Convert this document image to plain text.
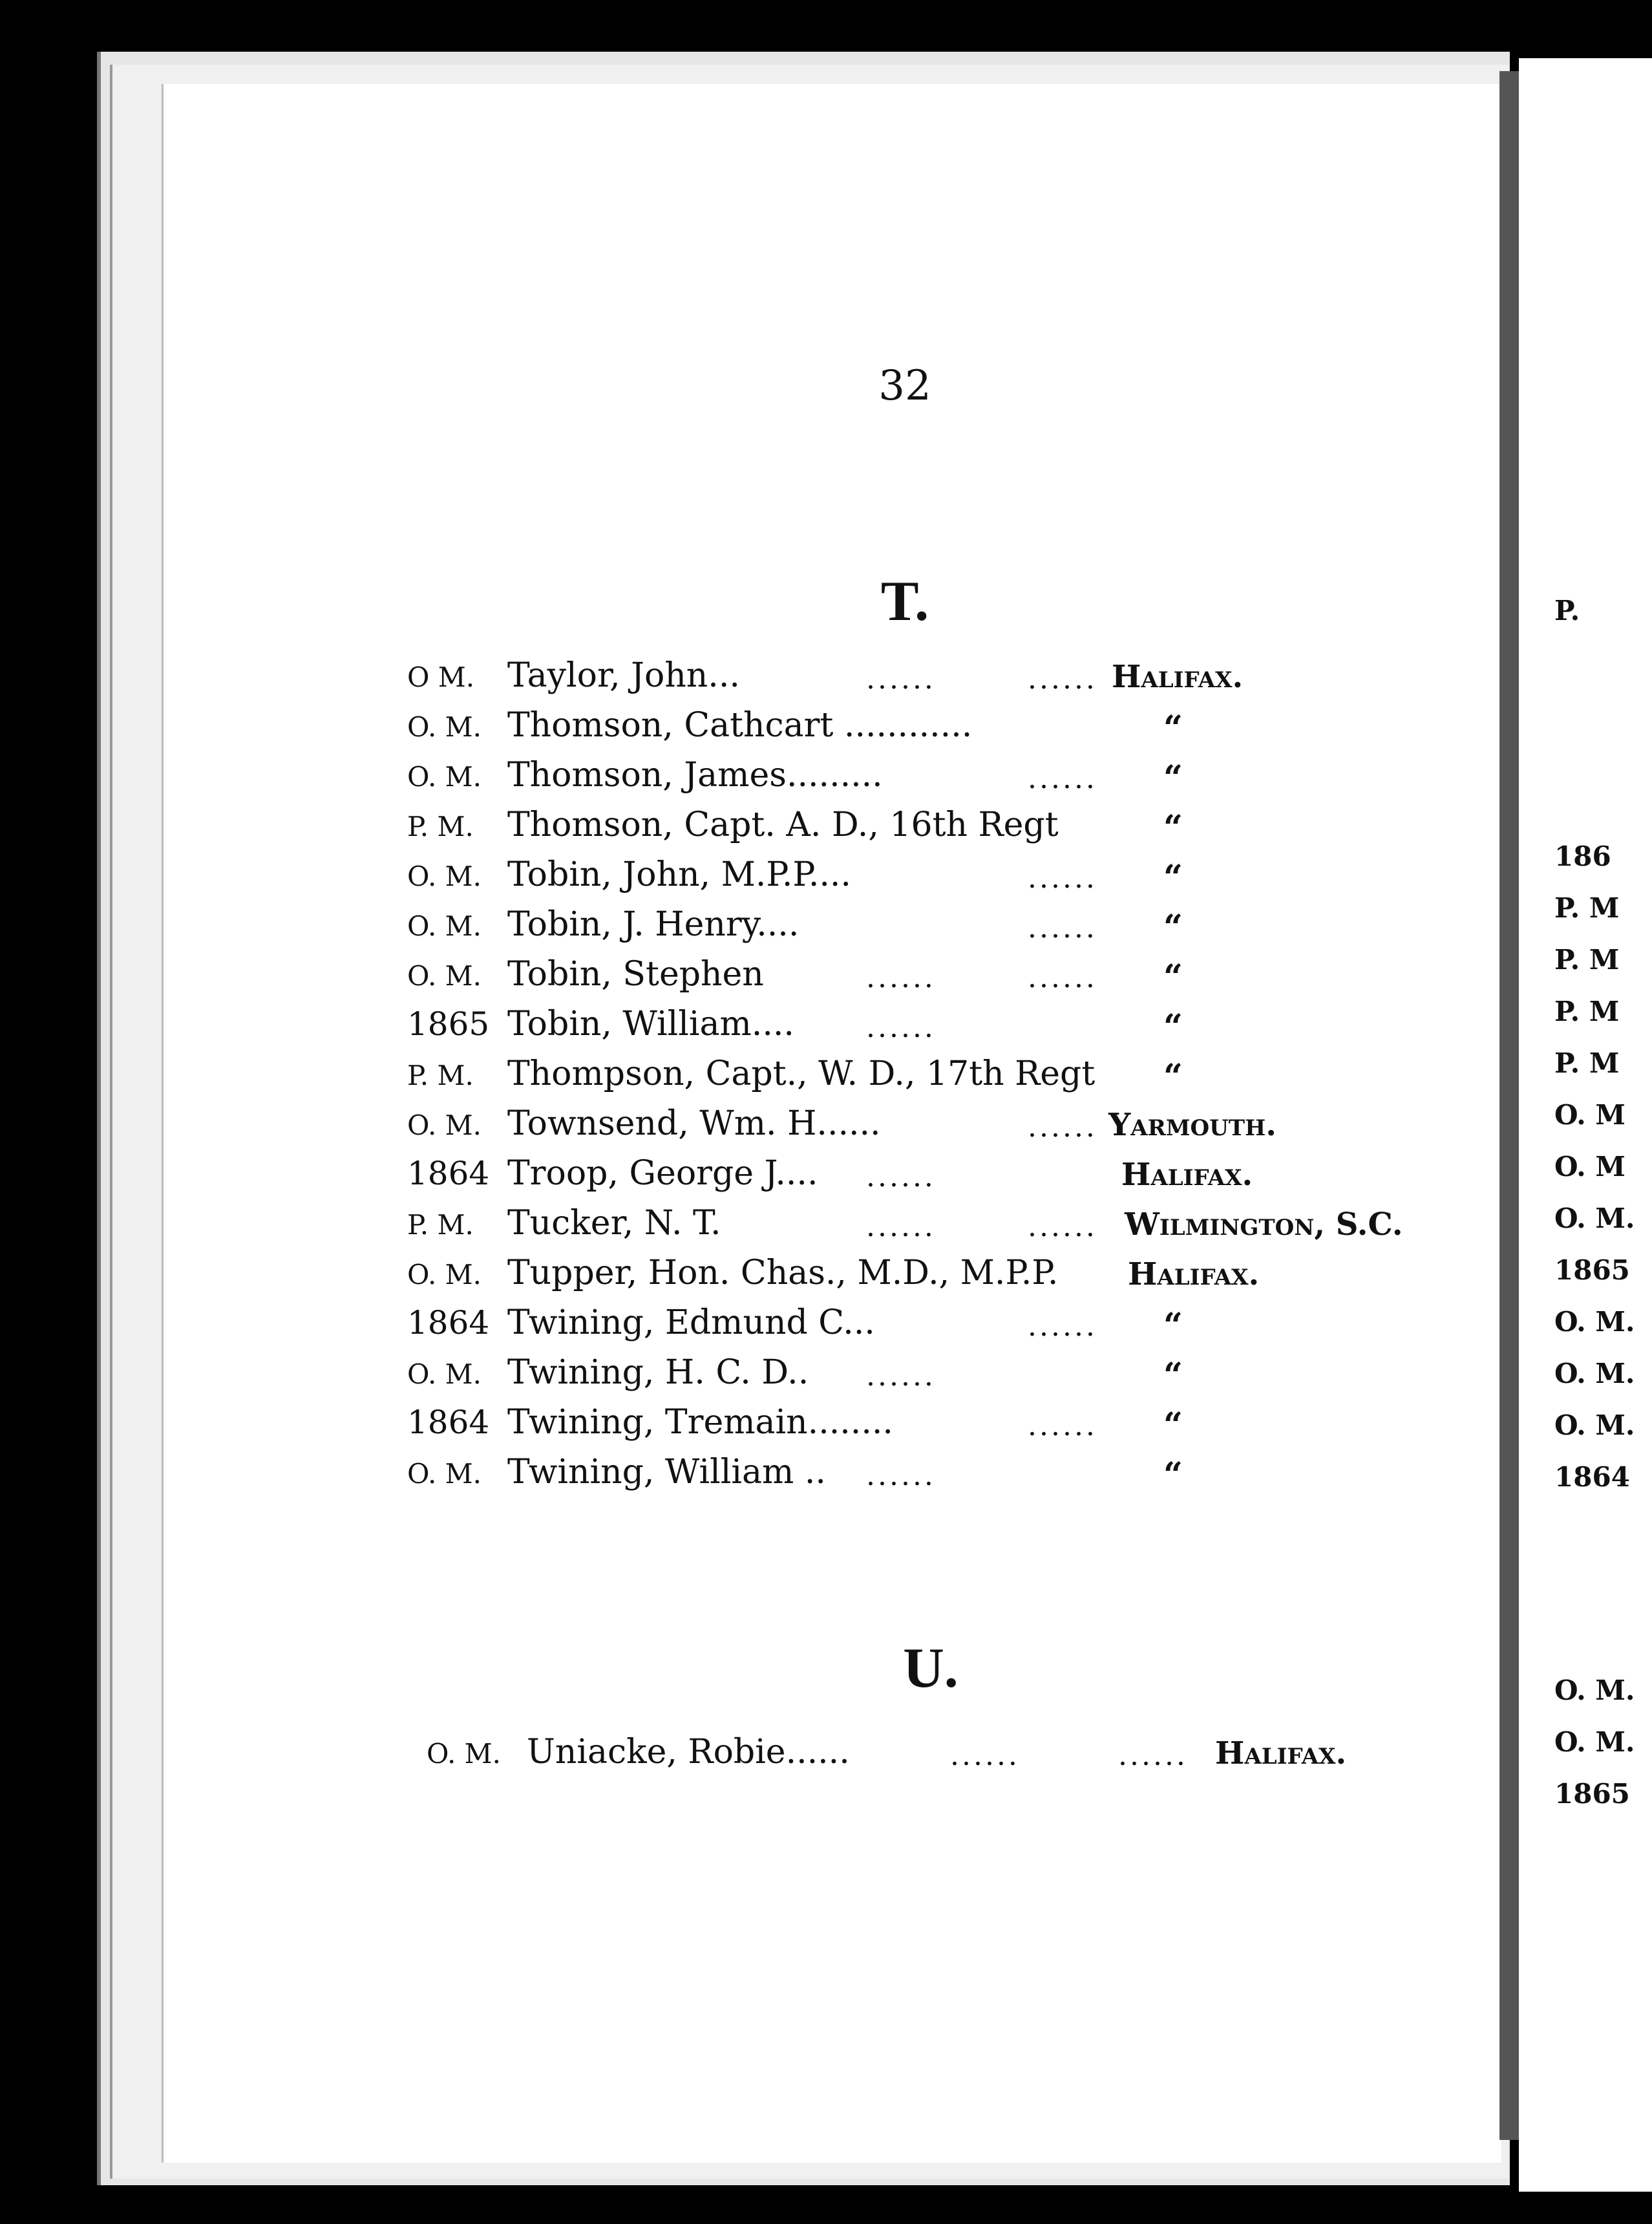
32
T.
U.
O M. Taylor, John...	......	...... Halifax.
O. M. Thomson, Cathcart ............	“
O. M. Thomson, James.........	...... “
P. M.	Thomson, Capt. A. D., 16th Regt	“
O. M. Tobin, John, M.P.P....	...... “
O. M. Tobin, J. Henry....	...... “
O. M. Tobin, Stephen	......	...... “
1865 Tobin, William....	......	“
P. M.	Thompson, Capt., W. D., 17th Regt “
O. M. Townsend, Wm. H......	...... Yarmouth.
1864 Troop, George J.... ......	Halifax.
P. M.	Tucker, N. T.	......	...... Wilmington, S.C.
O. M. Tupper, Hon. Chas., M.D., M.P.P. Halifax.
1864 Twining, Edmund C...	...... “
O. M. Twining, H. C. D.. ......	“
1864 Twining, Tremain........	...... “
O. M. Twining, William .. ......	“
O. M. Uniacke, Robie......	......	...... Halifax.
P.
186
P. M
P. M
P. M
P. M
O. M
O. M
O. M.
1865
O. M.
O. M.
O. M.
1864
O. M.
O. M.
1865
